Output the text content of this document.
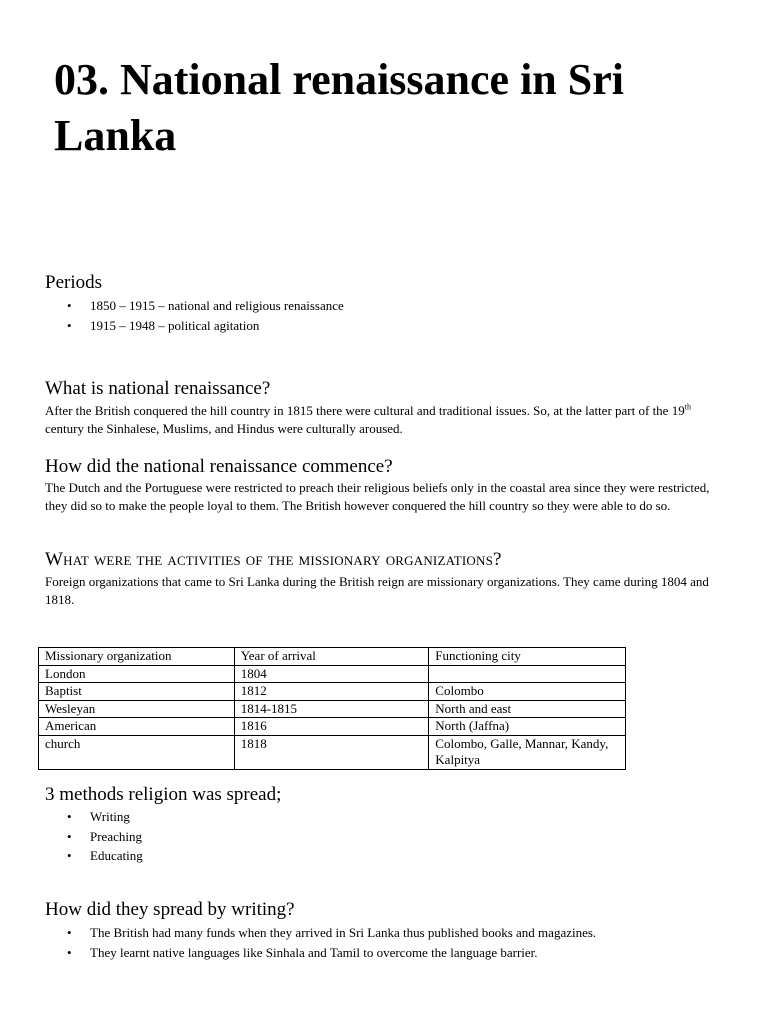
03. National renaissance in Sri Lanka
Periods
• 1850 – 1915 – national and religious renaissance
• 1915 – 1948 – political agitation
What is national renaissance?

After the British conquered the hill country in 1815 there were cultural and traditional issues. So, at the latter part of the 19th century the Sinhalese, Muslims, and Hindus were culturally aroused.

How did the national renaissance commence?

The Dutch and the Portuguese were restricted to preach their religious beliefs only in the coastal area since they were restricted, they did so to make the people loyal to them. The British however conquered the hill country so they were able to do so.

What were the activities of the missionary organizations?

Foreign organizations that came to Sri Lanka during the British reign are missionary organizations. They came during 1804 and 1818.

Missionary organization	Year of arrival	Functioning city
London	1804	
Baptist	1812	Colombo
Wesleyan	1814-1815	North and east
American	1816	North (Jaffna)
church	1818	Colombo, Galle, Mannar, Kandy, Kalpitya
3 methods religion was spread;
• Writing
• Preaching
• Educating
How did they spread by writing?
• The British had many funds when they arrived in Sri Lanka thus published books and magazines.
• They learnt native languages like Sinhala and Tamil to overcome the language barrier.
